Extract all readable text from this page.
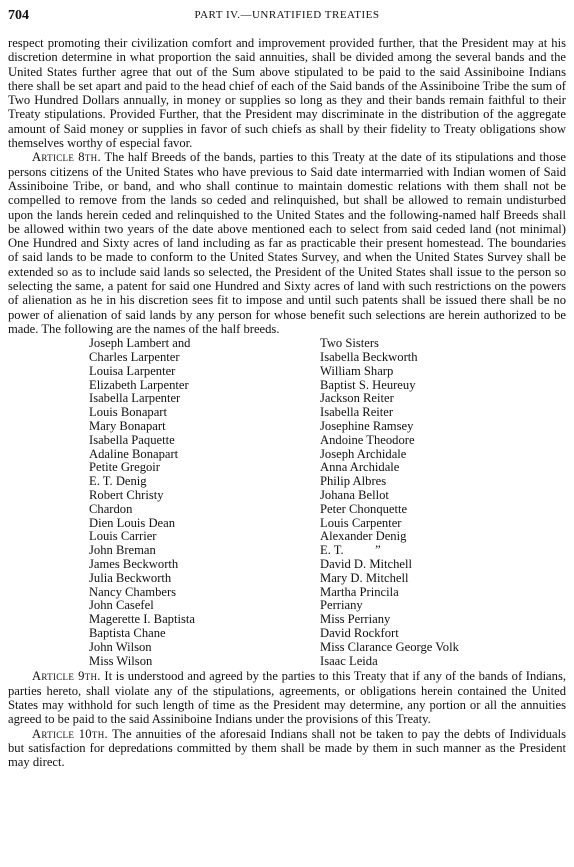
704	PART IV.—UNRATIFIED TREATIES

respect promoting their civilization comfort and improvement provided further, that the President may at his discretion determine in what proportion the said annuities, shall be divided among the several bands and the United States further agree that out of the Sum above stipulated to be paid to the said Assiniboine Indians there shall be set apart and paid to the head chief of each of the Said bands of the Assiniboine Tribe the sum of Two Hundred Dollars annually, in money or supplies so long as they and their bands remain faithful to their Treaty stipulations. Provided Further, that the President may discriminate in the distribution of the aggregate amount of Said money or supplies in favor of such chiefs as shall by their fidelity to Treaty obligations show themselves worthy of especial favor.

Article 8th. The half Breeds of the bands, parties to this Treaty at the date of its stipulations and those persons citizens of the United States who have previous to Said date intermarried with Indian women of Said Assiniboine Tribe, or band, and who shall continue to maintain domestic relations with them shall not be compelled to remove from the lands so ceded and relinquished, but shall be allowed to remain undisturbed upon the lands herein ceded and relinquished to the United States and the following-named half Breeds shall be allowed within two years of the date above mentioned each to select from said ceded land (not minimal) One Hundred and Sixty acres of land including as far as practicable their present homestead. The boundaries of said lands to be made to conform to the United States Survey, and when the United States Survey shall be extended so as to include said lands so selected, the President of the United States shall issue to the person so selecting the same, a patent for said one Hundred and Sixty acres of land with such restrictions on the powers of alienation as he in his discretion sees fit to impose and until such patents shall be issued there shall be no power of alienation of said lands by any person for whose benefit such selections are herein authorized to be made. The following are the names of the half breeds.

Joseph Lambert and
Charles Larpenter
Louisa Larpenter
Elizabeth Larpenter
Isabella Larpenter
Louis Bonapart
Mary Bonapart
Isabella Paquette
Adaline Bonapart
Petite Gregoir
E. T. Denig
Robert Christy
Chardon
Dien Louis Dean
Louis Carrier
John Breman
James Beckworth
Julia Beckworth
Nancy Chambers
John Casefel
Magerette I. Baptista
Baptista Chane
John Wilson
Miss Wilson
Two Sisters
Isabella Beckworth
William Sharp
Baptist S. Heureuy
Jackson Reiter
Isabella Reiter
Josephine Ramsey
Andoine Theodore
Joseph Archidale
Anna Archidale
Philip Albres
Johana Bellot
Peter Chonquette
Louis Carpenter
Alexander Denig
E. T.          ”
David D. Mitchell
Mary D. Mitchell
Martha Princila
Perriany
Miss Perriany
David Rockfort
Miss Clarance George Volk
Isaac Leida

Article 9th. It is understood and agreed by the parties to this Treaty that if any of the bands of Indians, parties hereto, shall violate any of the stipulations, agreements, or obligations herein contained the United States may withhold for such length of time as the President may determine, any portion or all the annuities agreed to be paid to the said Assiniboine Indians under the provisions of this Treaty.

Article 10th. The annuities of the aforesaid Indians shall not be taken to pay the debts of Individuals but satisfaction for depredations committed by them shall be made by them in such manner as the President may direct.
